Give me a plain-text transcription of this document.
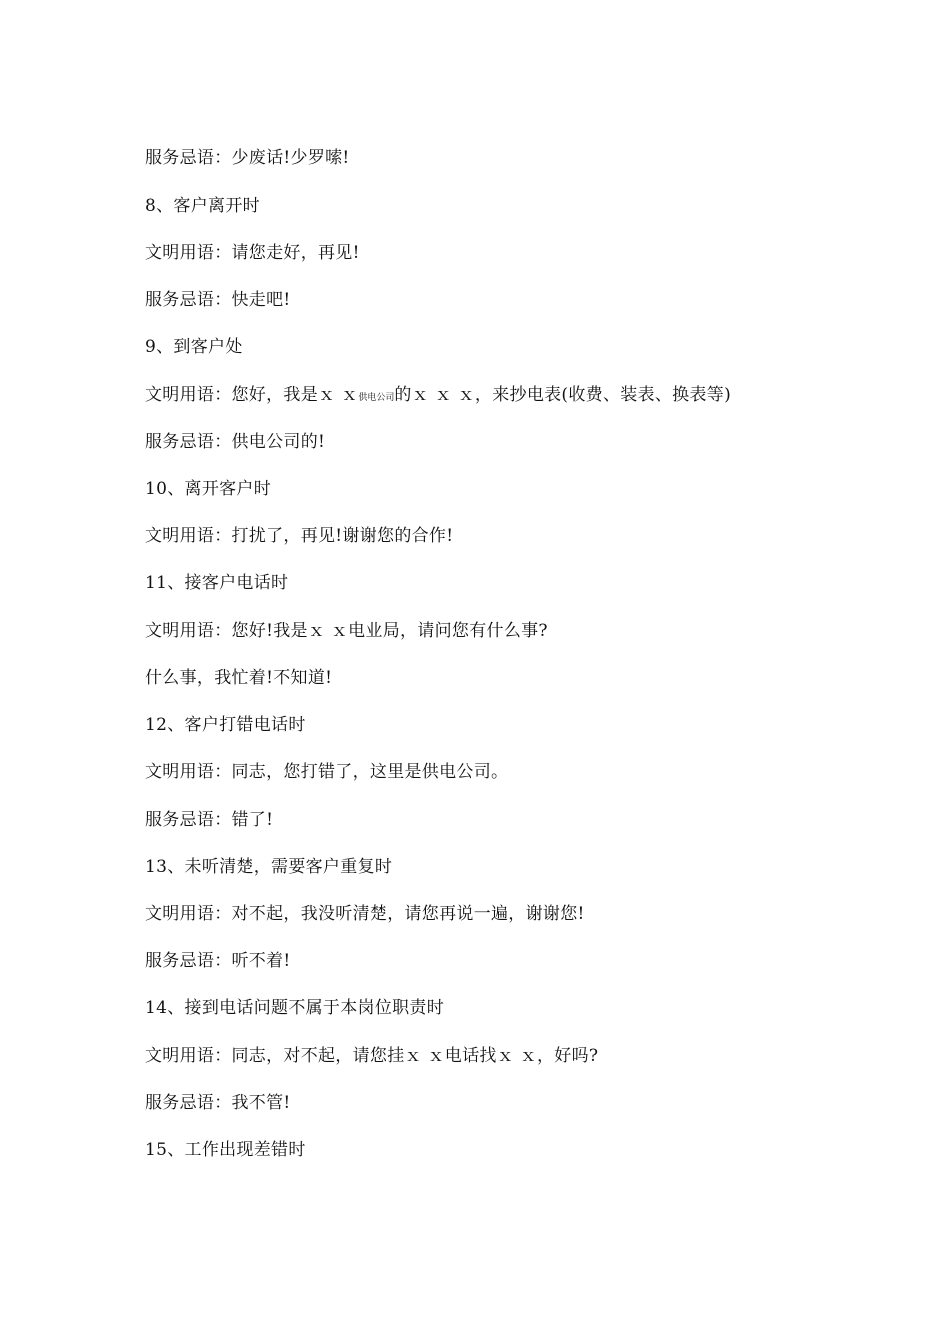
服务忌语：少废话!少罗嗦!
8、客户离开时
文明用语：请您走好，再见!
服务忌语：快走吧!
9、到客户处
文明用语：您好，我是ｘ ｘ供电公司的ｘ ｘ ｘ，来抄电表(收费、装表、换表等)
服务忌语：供电公司的!
10、离开客户时
文明用语：打扰了，再见!谢谢您的合作!
11、接客户电话时
文明用语：您好!我是ｘ ｘ电业局，请问您有什么事?
什么事，我忙着!不知道!
12、客户打错电话时
文明用语：同志，您打错了，这里是供电公司。
服务忌语：错了!
13、未听清楚，需要客户重复时
文明用语：对不起，我没听清楚，请您再说一遍，谢谢您!
服务忌语：听不着!
14、接到电话问题不属于本岗位职责时
文明用语：同志，对不起，请您挂ｘ ｘ电话找ｘ ｘ，好吗?
服务忌语：我不管!
15、工作出现差错时
